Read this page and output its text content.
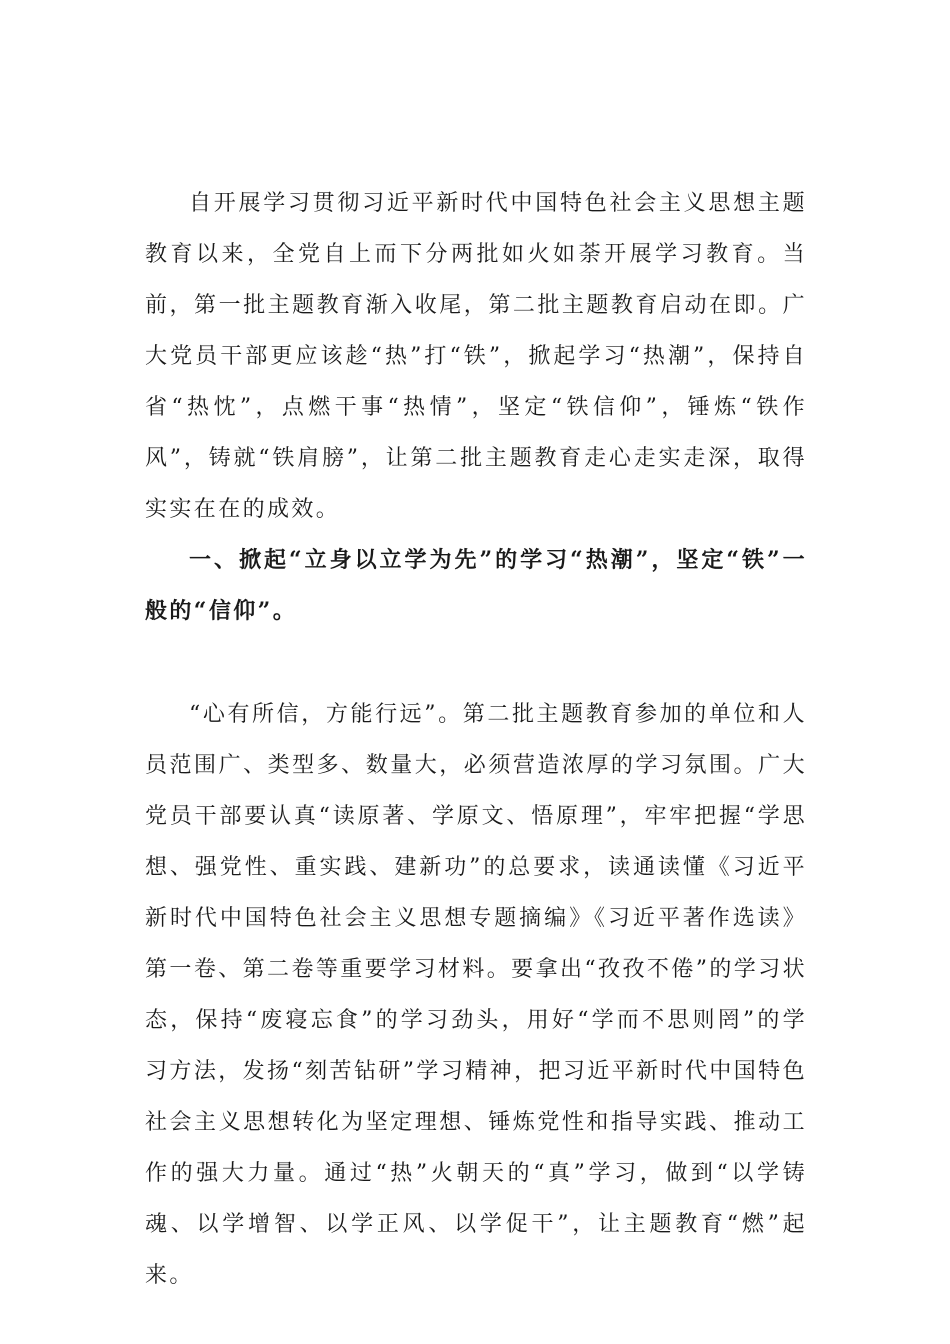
自开展学习贯彻习近平新时代中国特色社会主义思想主题教育以来，全党自上而下分两批如火如荼开展学习教育。当前，第一批主题教育渐入收尾，第二批主题教育启动在即。广大党员干部更应该趁“热”打“铁”，掀起学习“热潮”，保持自省“热忱”，点燃干事“热情”，坚定“铁信仰”，锤炼“铁作风”，铸就“铁肩膀”，让第二批主题教育走心走实走深，取得实实在在的成效。

一、掀起“立身以立学为先”的学习“热潮”，坚定“铁”一般的“信仰”。

“心有所信，方能行远”。第二批主题教育参加的单位和人员范围广、类型多、数量大，必须营造浓厚的学习氛围。广大党员干部要认真“读原著、学原文、悟原理”，牢牢把握“学思想、强党性、重实践、建新功”的总要求，读通读懂《习近平新时代中国特色社会主义思想专题摘编》《习近平著作选读》第一卷、第二卷等重要学习材料。要拿出“孜孜不倦”的学习状态，保持“废寝忘食”的学习劲头，用好“学而不思则罔”的学习方法，发扬“刻苦钻研”学习精神，把习近平新时代中国特色社会主义思想转化为坚定理想、锤炼党性和指导实践、推动工作的强大力量。通过“热”火朝天的“真”学习，做到“以学铸魂、以学增智、以学正风、以学促干”，让主题教育“燃”起来。
